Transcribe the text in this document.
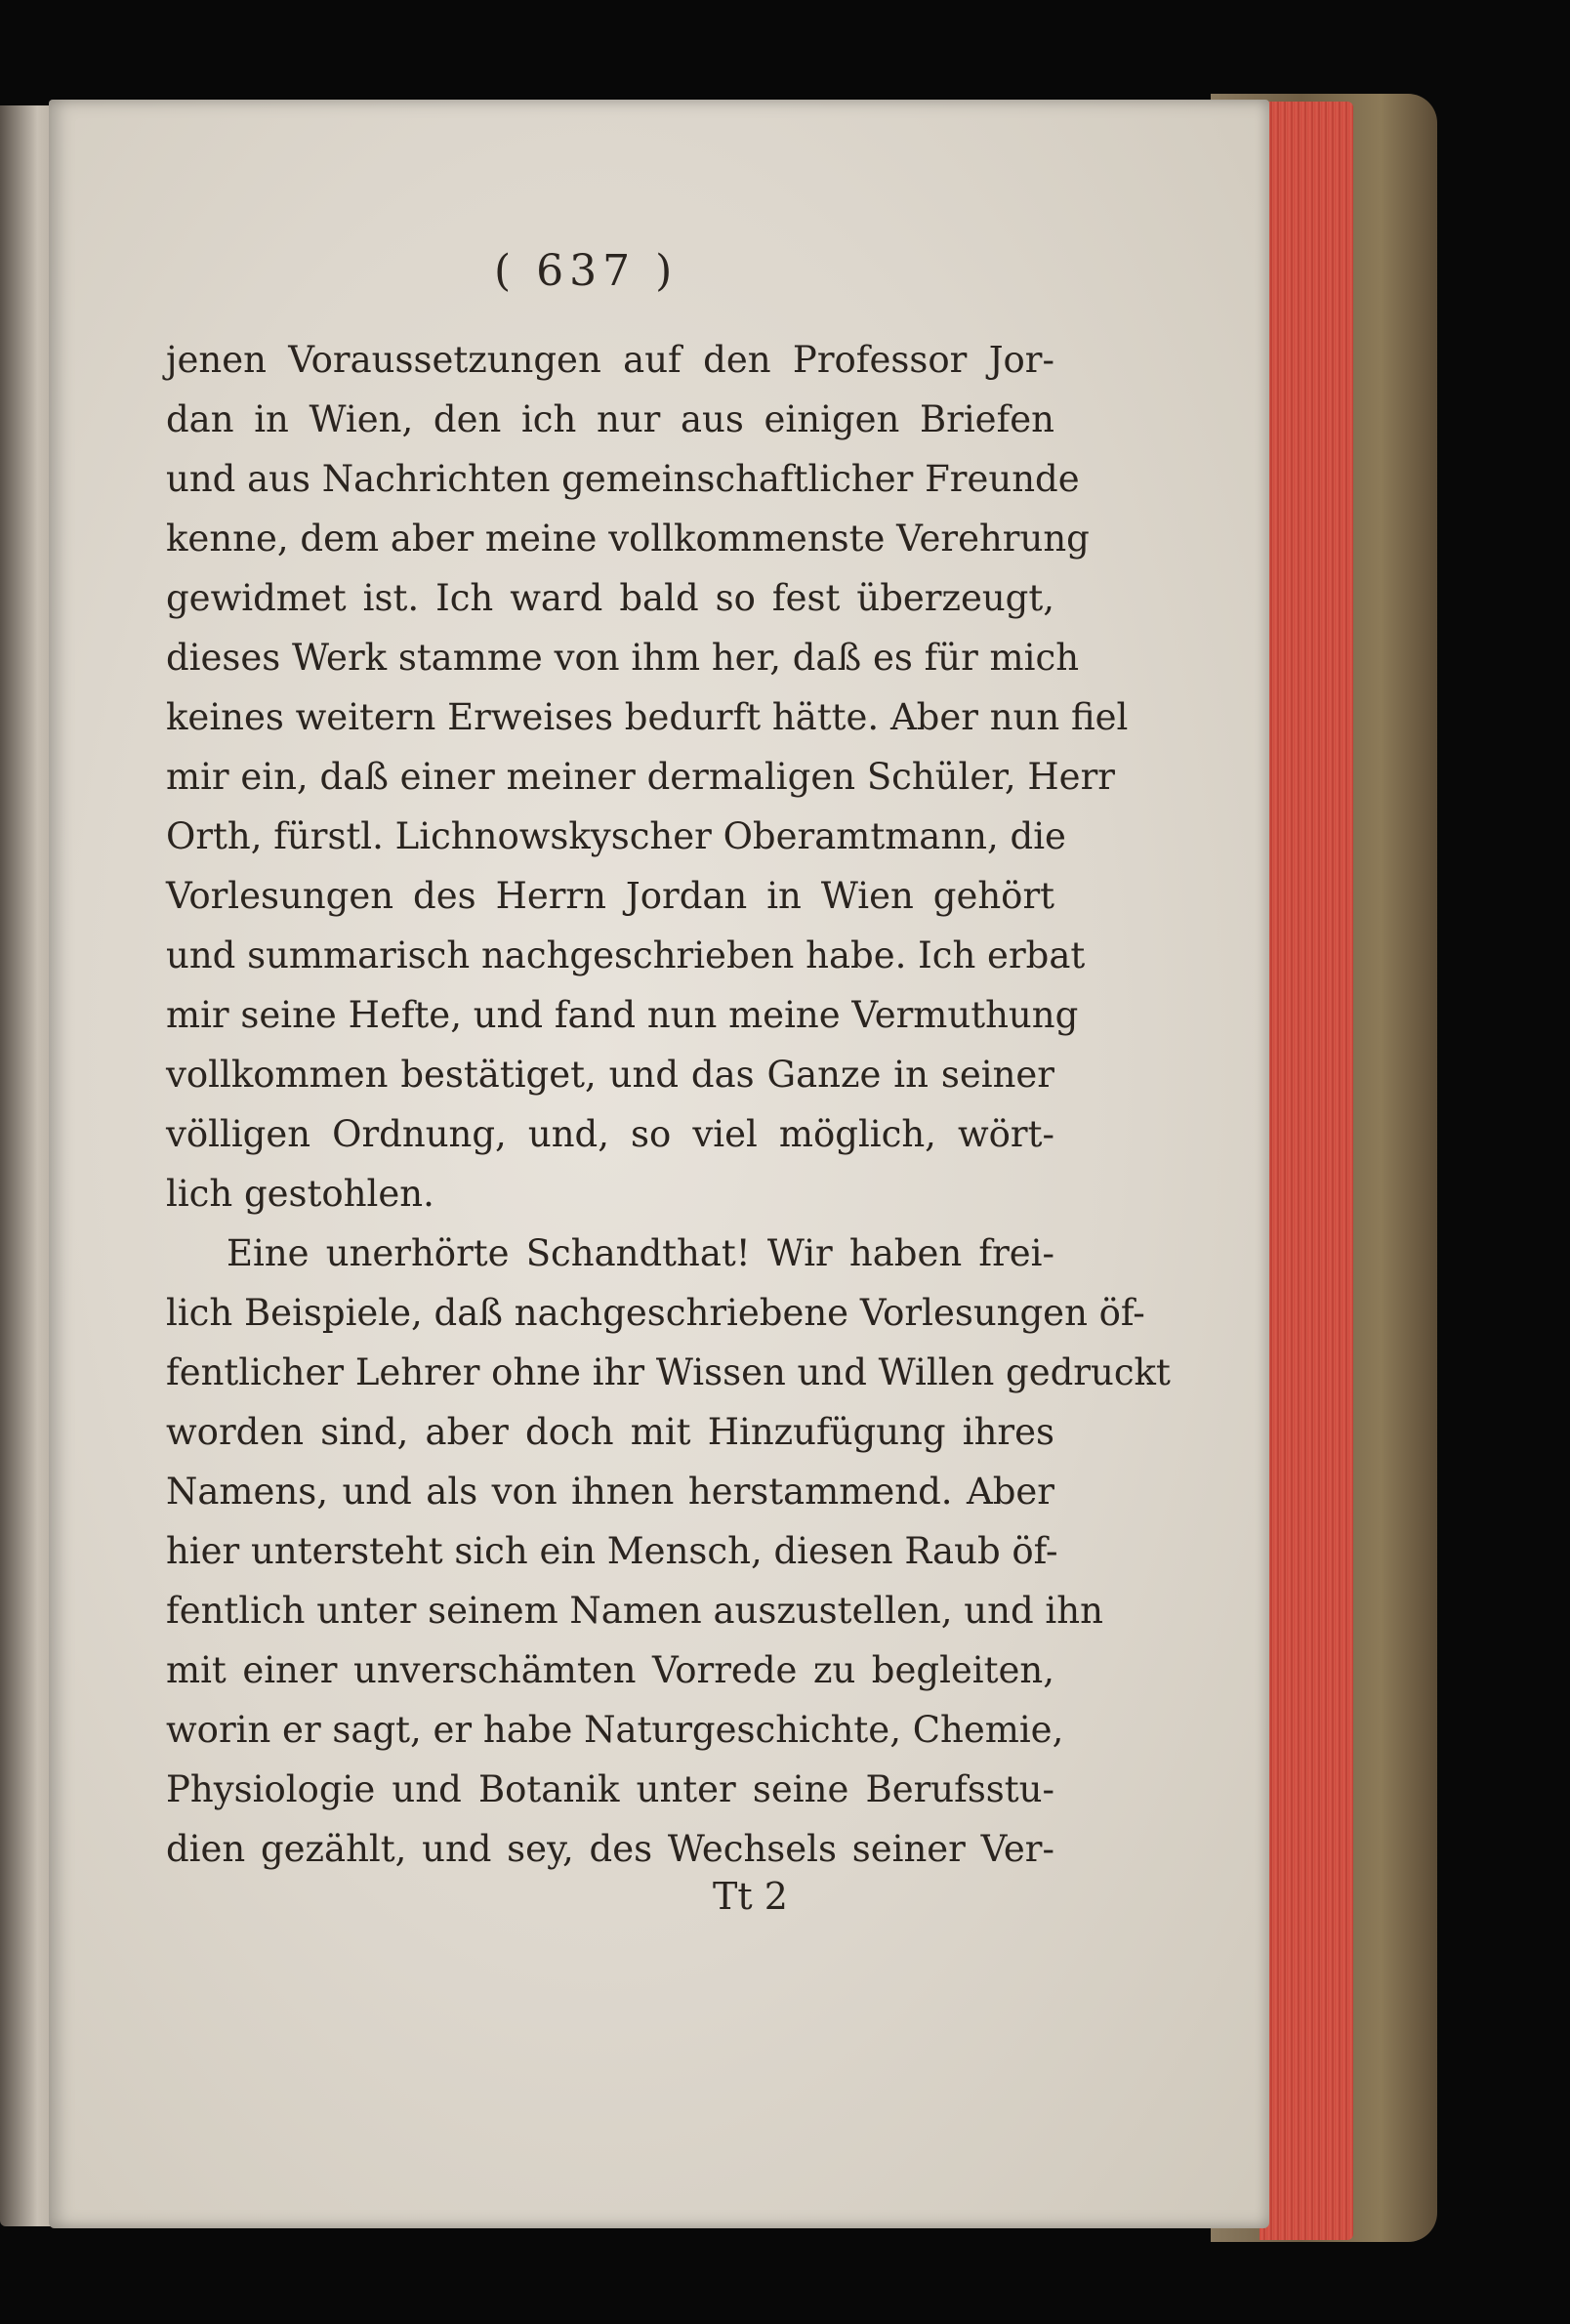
( 637 )
jenen Voraussetzungen auf den Professor Jor-
dan in Wien, den ich nur aus einigen Briefen
und aus Nachrichten gemeinschaftlicher Freunde
kenne, dem aber meine vollkommenste Verehrung
gewidmet ist. Ich ward bald so fest überzeugt,
dieses Werk stamme von ihm her, daß es für mich
keines weitern Erweises bedurft hätte. Aber nun fiel
mir ein, daß einer meiner dermaligen Schüler, Herr
Orth, fürstl. Lichnowskyscher Oberamtmann, die
Vorlesungen des Herrn Jordan in Wien gehört
und summarisch nachgeschrieben habe. Ich erbat
mir seine Hefte, und fand nun meine Vermuthung
vollkommen bestätiget, und das Ganze in seiner
völligen Ordnung, und, so viel möglich, wört-
lich gestohlen.
Eine unerhörte Schandthat! Wir haben frei-
lich Beispiele, daß nachgeschriebene Vorlesungen öf-
fentlicher Lehrer ohne ihr Wissen und Willen gedruckt
worden sind, aber doch mit Hinzufügung ihres
Namens, und als von ihnen herstammend. Aber
hier untersteht sich ein Mensch, diesen Raub öf-
fentlich unter seinem Namen auszustellen, und ihn
mit einer unverschämten Vorrede zu begleiten,
worin er sagt, er habe Naturgeschichte, Chemie,
Physiologie und Botanik unter seine Berufsstu-
dien gezählt, und sey, des Wechsels seiner Ver-
Tt 2
